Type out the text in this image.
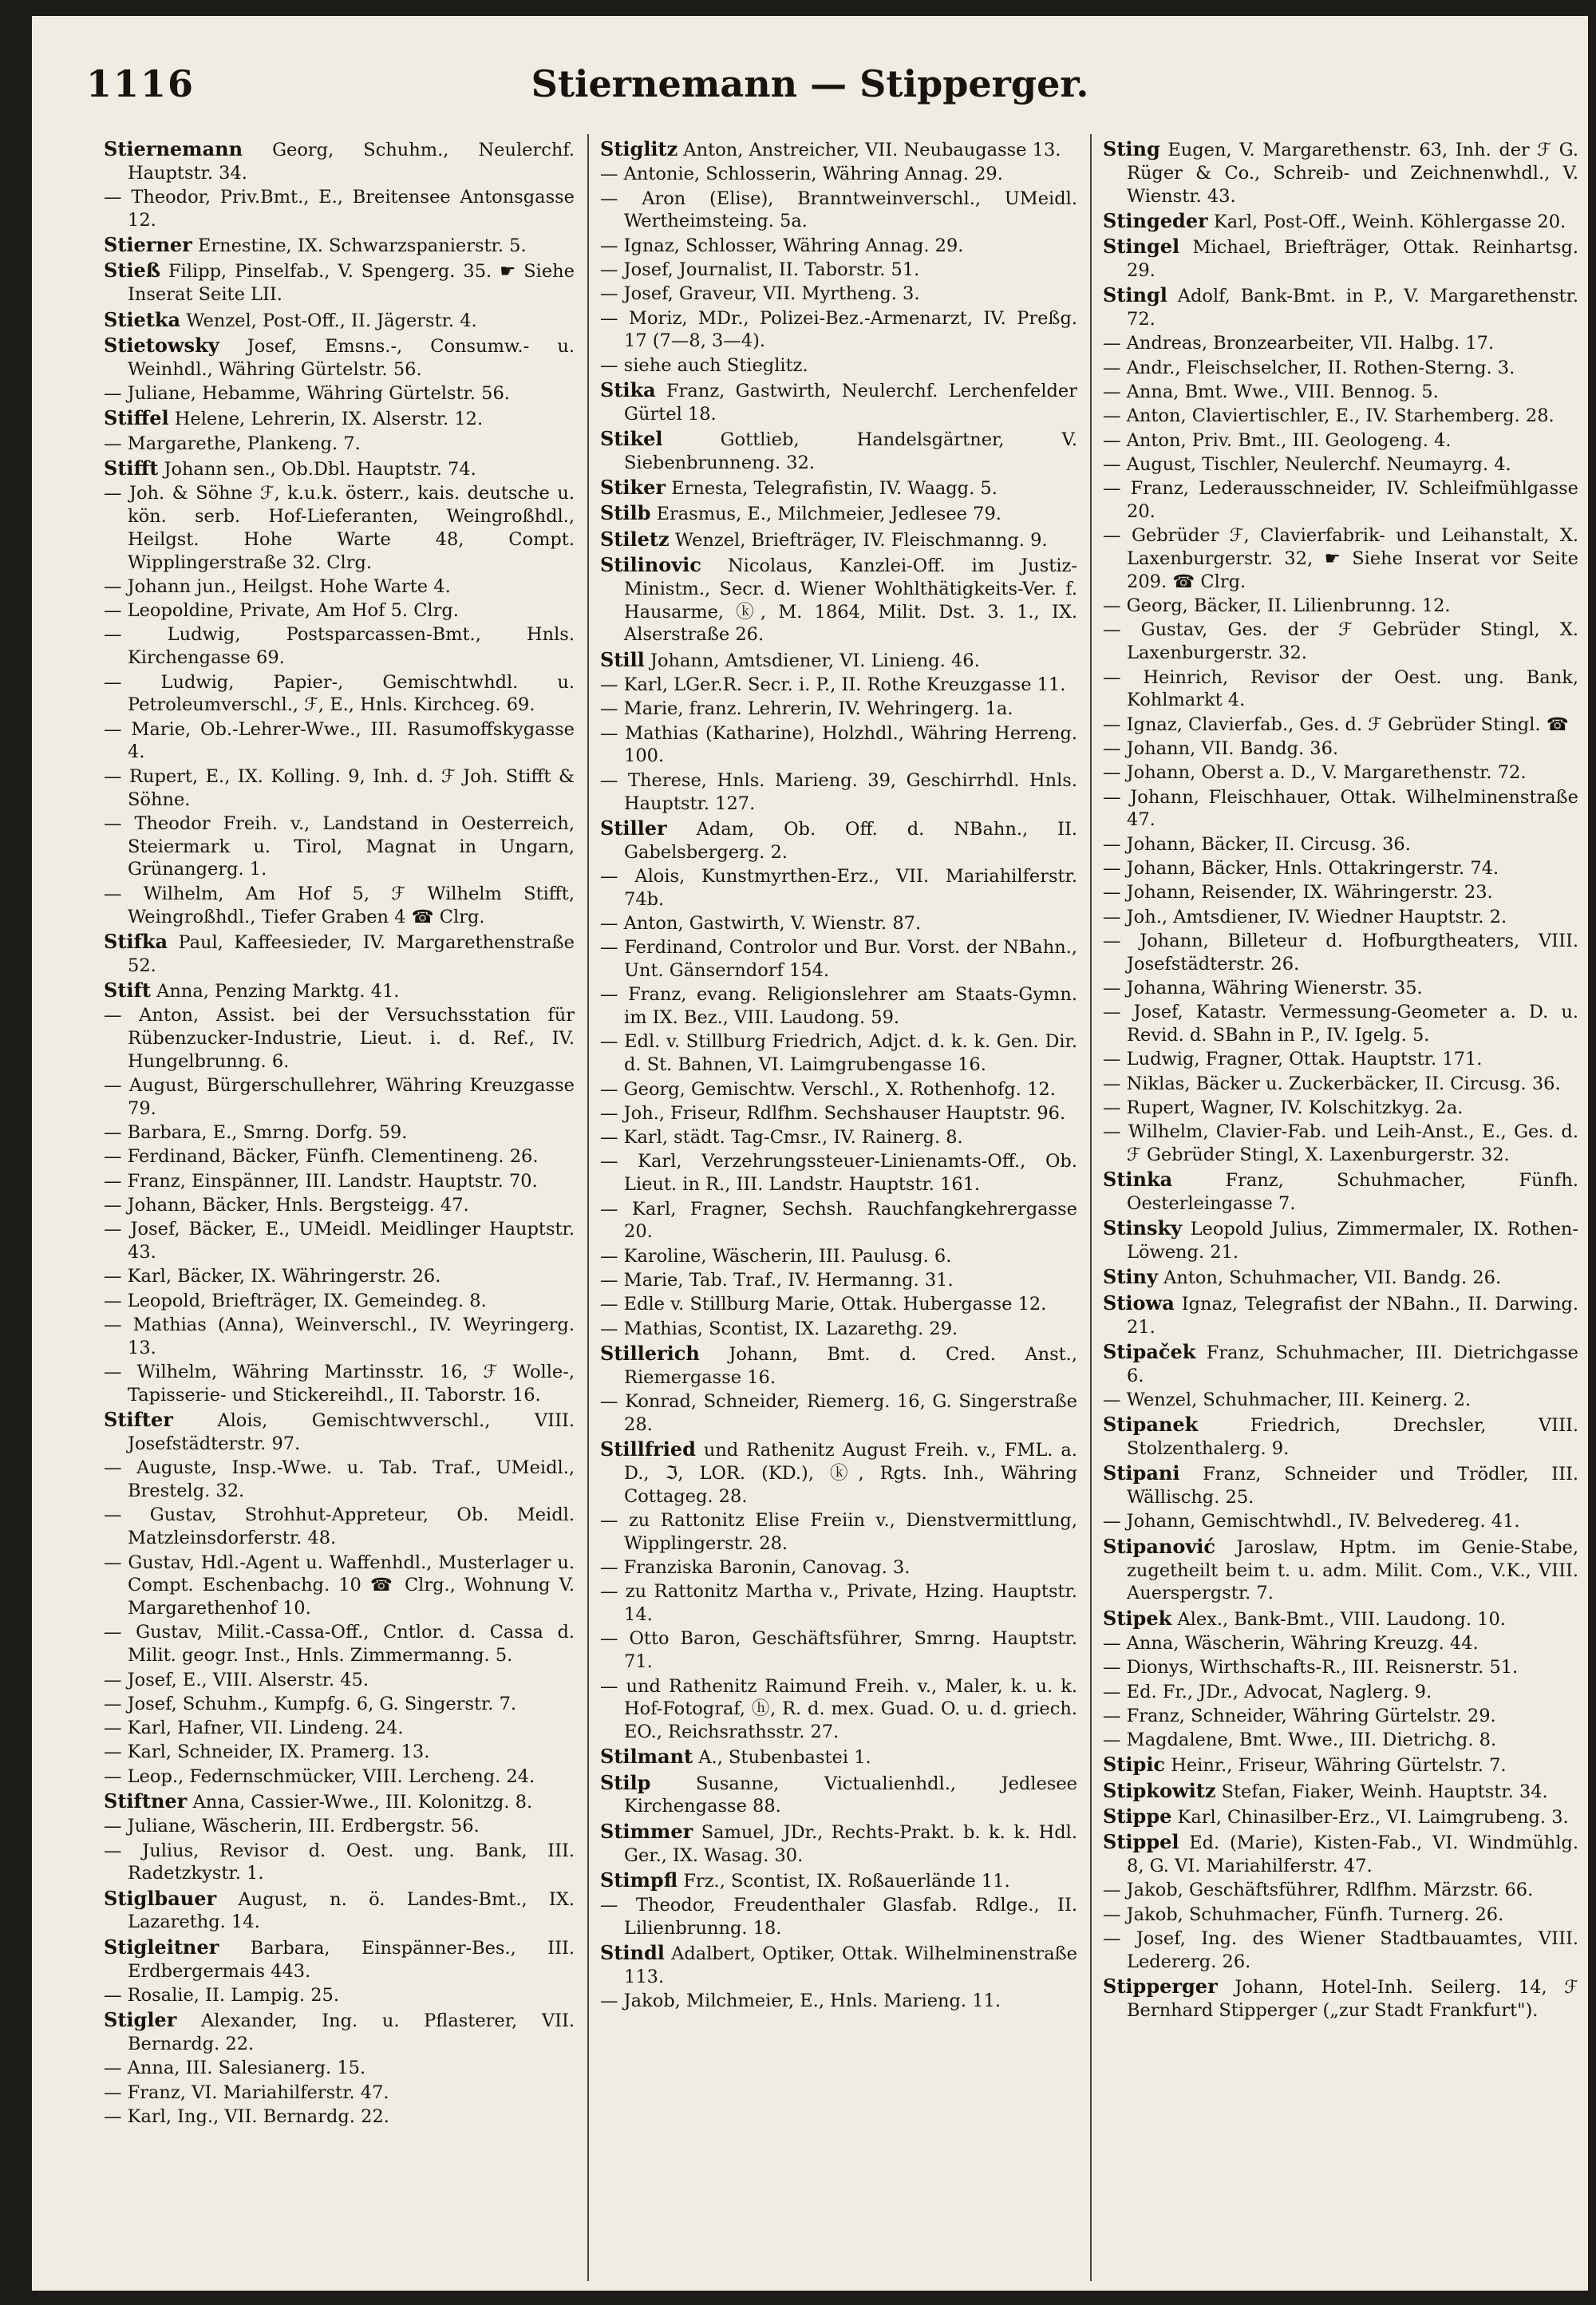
1116	Stiernemann — Stipperger.

Stiernemann Georg, Schuhm., Neulerchf. Hauptstr. 34.

— Theodor, Priv.Bmt., E., Breitensee Antonsgasse 12.

Stierner Ernestine, IX. Schwarzspanierstr. 5.

Stieß Filipp, Pinselfab., V. Spengerg. 35. ☛ Siehe Inserat Seite LII.

Stietka Wenzel, Post-Off., II. Jägerstr. 4.

Stietowsky Josef, Emsns.-, Consumw.- u. Weinhdl., Währing Gürtelstr. 56.

— Juliane, Hebamme, Währing Gürtelstr. 56.

Stiffel Helene, Lehrerin, IX. Alserstr. 12.

— Margarethe, Plankeng. 7.

Stifft Johann sen., Ob.Dbl. Hauptstr. 74.

— Joh. & Söhne ℱ, k.u.k. österr., kais. deutsche u. kön. serb. Hof-Lieferanten, Weingroßhdl., Heilgst. Hohe Warte 48, Compt. Wipplingerstraße 32. Clrg.

— Johann jun., Heilgst. Hohe Warte 4.

— Leopoldine, Private, Am Hof 5. Clrg.

— Ludwig, Postsparcassen-Bmt., Hnls. Kirchengasse 69.

— Ludwig, Papier-, Gemischtwhdl. u. Petroleumverschl., ℱ, E., Hnls. Kirchceg. 69.

— Marie, Ob.-Lehrer-Wwe., III. Rasumoffskygasse 4.

— Rupert, E., IX. Kolling. 9, Inh. d. ℱ Joh. Stifft & Söhne.

— Theodor Freih. v., Landstand in Oesterreich, Steiermark u. Tirol, Magnat in Ungarn, Grünangerg. 1.

— Wilhelm, Am Hof 5, ℱ Wilhelm Stifft, Weingroßhdl., Tiefer Graben 4 ☎ Clrg.

Stifka Paul, Kaffeesieder, IV. Margarethenstraße 52.

Stift Anna, Penzing Marktg. 41.

— Anton, Assist. bei der Versuchsstation für Rübenzucker-Industrie, Lieut. i. d. Ref., IV. Hungelbrunng. 6.

— August, Bürgerschullehrer, Währing Kreuzgasse 79.

— Barbara, E., Smrng. Dorfg. 59.

— Ferdinand, Bäcker, Fünfh. Clementineng. 26.

— Franz, Einspänner, III. Landstr. Hauptstr. 70.

— Johann, Bäcker, Hnls. Bergsteigg. 47.

— Josef, Bäcker, E., UMeidl. Meidlinger Hauptstr. 43.

— Karl, Bäcker, IX. Währingerstr. 26.

— Leopold, Briefträger, IX. Gemeindeg. 8.

— Mathias (Anna), Weinverschl., IV. Weyringerg. 13.

— Wilhelm, Währing Martinsstr. 16, ℱ Wolle-, Tapisserie- und Stickereihdl., II. Taborstr. 16.

Stifter Alois, Gemischtwverschl., VIII. Josefstädterstr. 97.

— Auguste, Insp.-Wwe. u. Tab. Traf., UMeidl., Brestelg. 32.

— Gustav, Strohhut-Appreteur, Ob. Meidl. Matzleinsdorferstr. 48.

— Gustav, Hdl.-Agent u. Waffenhdl., Musterlager u. Compt. Eschenbachg. 10 ☎ Clrg., Wohnung V. Margarethenhof 10.

— Gustav, Milit.-Cassa-Off., Cntlor. d. Cassa d. Milit. geogr. Inst., Hnls. Zimmermanng. 5.

— Josef, E., VIII. Alserstr. 45.

— Josef, Schuhm., Kumpfg. 6, G. Singerstr. 7.

— Karl, Hafner, VII. Lindeng. 24.

— Karl, Schneider, IX. Pramerg. 13.

— Leop., Federnschmücker, VIII. Lercheng. 24.

Stiftner Anna, Cassier-Wwe., III. Kolonitzg. 8.

— Juliane, Wäscherin, III. Erdbergstr. 56.

— Julius, Revisor d. Oest. ung. Bank, III. Radetzkystr. 1.

Stiglbauer August, n. ö. Landes-Bmt., IX. Lazarethg. 14.

Stigleitner Barbara, Einspänner-Bes., III. Erdbergermais 443.

— Rosalie, II. Lampig. 25.

Stigler Alexander, Ing. u. Pflasterer, VII. Bernardg. 22.

— Anna, III. Salesianerg. 15.

— Franz, VI. Mariahilferstr. 47.

— Karl, Ing., VII. Bernardg. 22.

Stiglitz Anton, Anstreicher, VII. Neubaugasse 13.

— Antonie, Schlosserin, Währing Annag. 29.

— Aron (Elise), Branntweinverschl., UMeidl. Wertheimsteing. 5a.

— Ignaz, Schlosser, Währing Annag. 29.

— Josef, Journalist, II. Taborstr. 51.

— Josef, Graveur, VII. Myrtheng. 3.

— Moriz, MDr., Polizei-Bez.-Armenarzt, IV. Preßg. 17 (7—8, 3—4).

— siehe auch Stieglitz.

Stika Franz, Gastwirth, Neulerchf. Lerchenfelder Gürtel 18.

Stikel Gottlieb, Handelsgärtner, V. Siebenbrunneng. 32.

Stiker Ernesta, Telegrafistin, IV. Waagg. 5.

Stilb Erasmus, E., Milchmeier, Jedlesee 79.

Stiletz Wenzel, Briefträger, IV. Fleischmanng. 9.

Stilinovic Nicolaus, Kanzlei-Off. im Justiz-Ministm., Secr. d. Wiener Wohlthätigkeits-Ver. f. Hausarme, ⓚ, M. 1864, Milit. Dst. 3. 1., IX. Alserstraße 26.

Still Johann, Amtsdiener, VI. Linieng. 46.

— Karl, LGer.R. Secr. i. P., II. Rothe Kreuzgasse 11.

— Marie, franz. Lehrerin, IV. Wehringerg. 1a.

— Mathias (Katharine), Holzhdl., Währing Herreng. 100.

— Therese, Hnls. Marieng. 39, Geschirrhdl. Hnls. Hauptstr. 127.

Stiller Adam, Ob. Off. d. NBahn., II. Gabelsbergerg. 2.

— Alois, Kunstmyrthen-Erz., VII. Mariahilferstr. 74b.

— Anton, Gastwirth, V. Wienstr. 87.

— Ferdinand, Controlor und Bur. Vorst. der NBahn., Unt. Gänserndorf 154.

— Franz, evang. Religionslehrer am Staats-Gymn. im IX. Bez., VIII. Laudong. 59.

— Edl. v. Stillburg Friedrich, Adjct. d. k. k. Gen. Dir. d. St. Bahnen, VI. Laimgrubengasse 16.

— Georg, Gemischtw. Verschl., X. Rothenhofg. 12.

— Joh., Friseur, Rdlfhm. Sechshauser Hauptstr. 96.

— Karl, städt. Tag-Cmsr., IV. Rainerg. 8.

— Karl, Verzehrungssteuer-Linienamts-Off., Ob. Lieut. in R., III. Landstr. Hauptstr. 161.

— Karl, Fragner, Sechsh. Rauchfangkehrergasse 20.

— Karoline, Wäscherin, III. Paulusg. 6.

— Marie, Tab. Traf., IV. Hermanng. 31.

— Edle v. Stillburg Marie, Ottak. Hubergasse 12.

— Mathias, Scontist, IX. Lazarethg. 29.

Stillerich Johann, Bmt. d. Cred. Anst., Riemergasse 16.

— Konrad, Schneider, Riemerg. 16, G. Singerstraße 28.

Stillfried und Rathenitz August Freih. v., FML. a. D., ℑ, LOR. (KD.), ⓚ, Rgts. Inh., Währing Cottageg. 28.

— zu Rattonitz Elise Freiin v., Dienstvermittlung, Wipplingerstr. 28.

— Franziska Baronin, Canovag. 3.

— zu Rattonitz Martha v., Private, Hzing. Hauptstr. 14.

— Otto Baron, Geschäftsführer, Smrng. Hauptstr. 71.

— und Rathenitz Raimund Freih. v., Maler, k. u. k. Hof-Fotograf, ⓗ, R. d. mex. Guad. O. u. d. griech. EO., Reichsrathsstr. 27.

Stilmant A., Stubenbastei 1.

Stilp Susanne, Victualienhdl., Jedlesee Kirchengasse 88.

Stimmer Samuel, JDr., Rechts-Prakt. b. k. k. Hdl. Ger., IX. Wasag. 30.

Stimpfl Frz., Scontist, IX. Roßauerlände 11.

— Theodor, Freudenthaler Glasfab. Rdlge., II. Lilienbrunng. 18.

Stindl Adalbert, Optiker, Ottak. Wilhelminenstraße 113.

— Jakob, Milchmeier, E., Hnls. Marieng. 11.

Sting Eugen, V. Margarethenstr. 63, Inh. der ℱ G. Rüger & Co., Schreib- und Zeichnenwhdl., V. Wienstr. 43.

Stingeder Karl, Post-Off., Weinh. Köhlergasse 20.

Stingel Michael, Briefträger, Ottak. Reinhartsg. 29.

Stingl Adolf, Bank-Bmt. in P., V. Margarethenstr. 72.

— Andreas, Bronzearbeiter, VII. Halbg. 17.

— Andr., Fleischselcher, II. Rothen-Sterng. 3.

— Anna, Bmt. Wwe., VIII. Bennog. 5.

— Anton, Claviertischler, E., IV. Starhemberg. 28.

— Anton, Priv. Bmt., III. Geologeng. 4.

— August, Tischler, Neulerchf. Neumayrg. 4.

— Franz, Lederausschneider, IV. Schleifmühlgasse 20.

— Gebrüder ℱ, Clavierfabrik- und Leihanstalt, X. Laxenburgerstr. 32, ☛ Siehe Inserat vor Seite 209. ☎ Clrg.

— Georg, Bäcker, II. Lilienbrunng. 12.

— Gustav, Ges. der ℱ Gebrüder Stingl, X. Laxenburgerstr. 32.

— Heinrich, Revisor der Oest. ung. Bank, Kohlmarkt 4.

— Ignaz, Clavierfab., Ges. d. ℱ Gebrüder Stingl. ☎

— Johann, VII. Bandg. 36.

— Johann, Oberst a. D., V. Margarethenstr. 72.

— Johann, Fleischhauer, Ottak. Wilhelminenstraße 47.

— Johann, Bäcker, II. Circusg. 36.

— Johann, Bäcker, Hnls. Ottakringerstr. 74.

— Johann, Reisender, IX. Währingerstr. 23.

— Joh., Amtsdiener, IV. Wiedner Hauptstr. 2.

— Johann, Billeteur d. Hofburgtheaters, VIII. Josefstädterstr. 26.

— Johanna, Währing Wienerstr. 35.

— Josef, Katastr. Vermessung-Geometer a. D. u. Revid. d. SBahn in P., IV. Igelg. 5.

— Ludwig, Fragner, Ottak. Hauptstr. 171.

— Niklas, Bäcker u. Zuckerbäcker, II. Circusg. 36.

— Rupert, Wagner, IV. Kolschitzkyg. 2a.

— Wilhelm, Clavier-Fab. und Leih-Anst., E., Ges. d. ℱ Gebrüder Stingl, X. Laxenburgerstr. 32.

Stinka Franz, Schuhmacher, Fünfh. Oesterleingasse 7.

Stinsky Leopold Julius, Zimmermaler, IX. Rothen-Löweng. 21.

Stiny Anton, Schuhmacher, VII. Bandg. 26.

Stiowa Ignaz, Telegrafist der NBahn., II. Darwing. 21.

Stipaček Franz, Schuhmacher, III. Dietrichgasse 6.

— Wenzel, Schuhmacher, III. Keinerg. 2.

Stipanek Friedrich, Drechsler, VIII. Stolzenthalerg. 9.

Stipani Franz, Schneider und Trödler, III. Wällischg. 25.

— Johann, Gemischtwhdl., IV. Belvedereg. 41.

Stipanović Jaroslaw, Hptm. im Genie-Stabe, zugetheilt beim t. u. adm. Milit. Com., V.K., VIII. Auerspergstr. 7.

Stipek Alex., Bank-Bmt., VIII. Laudong. 10.

— Anna, Wäscherin, Währing Kreuzg. 44.

— Dionys, Wirthschafts-R., III. Reisnerstr. 51.

— Ed. Fr., JDr., Advocat, Naglerg. 9.

— Franz, Schneider, Währing Gürtelstr. 29.

— Magdalene, Bmt. Wwe., III. Dietrichg. 8.

Stipic Heinr., Friseur, Währing Gürtelstr. 7.

Stipkowitz Stefan, Fiaker, Weinh. Hauptstr. 34.

Stippe Karl, Chinasilber-Erz., VI. Laimgrubeng. 3.

Stippel Ed. (Marie), Kisten-Fab., VI. Windmühlg. 8, G. VI. Mariahilferstr. 47.

— Jakob, Geschäftsführer, Rdlfhm. Märzstr. 66.

— Jakob, Schuhmacher, Fünfh. Turnerg. 26.

— Josef, Ing. des Wiener Stadtbauamtes, VIII. Ledererg. 26.

Stipperger Johann, Hotel-Inh. Seilerg. 14, ℱ Bernhard Stipperger („zur Stadt Frankfurt").
